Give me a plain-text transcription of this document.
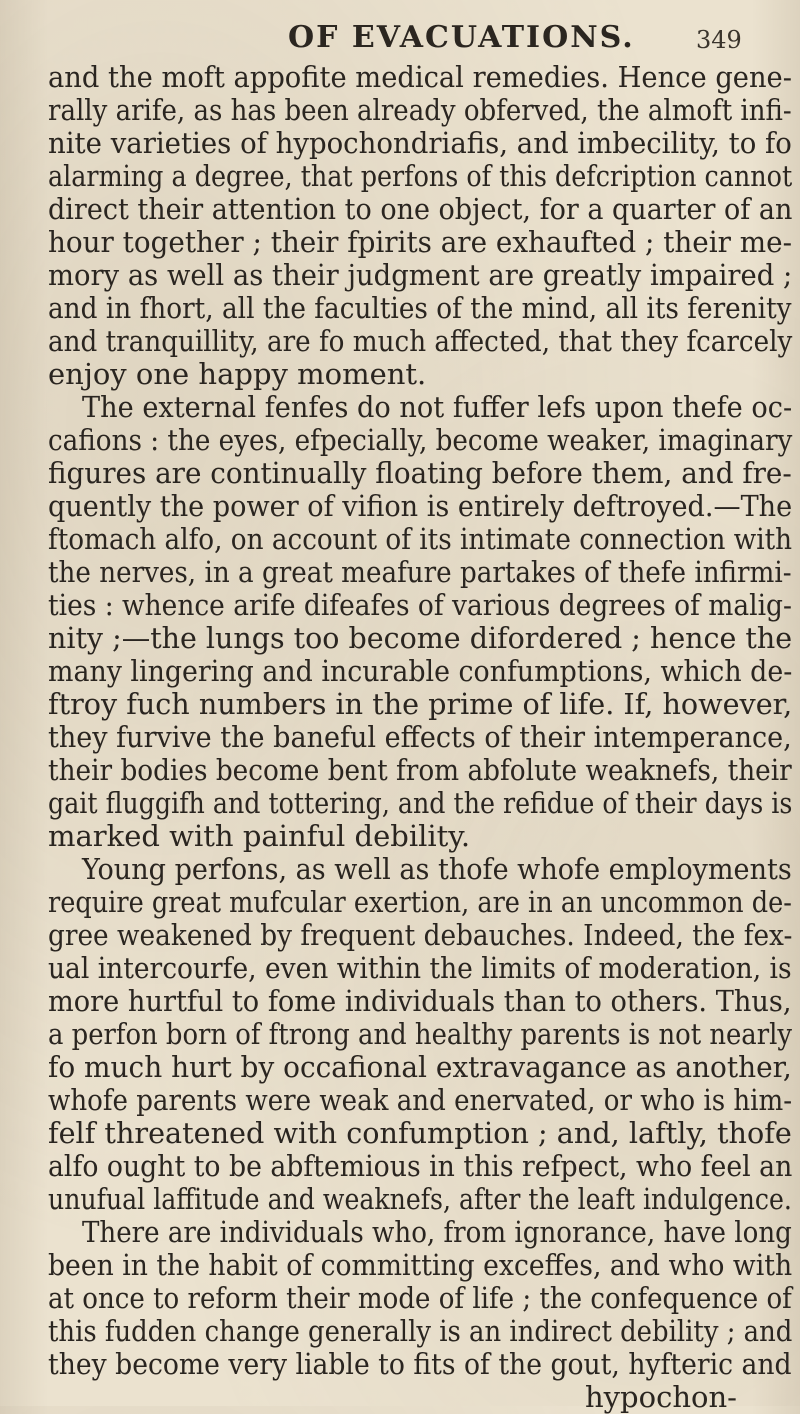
OF EVACUATIONS.	349
and the moft appofite medical remedies. Hence gene-
rally arife, as has been already obferved, the almoft infi-
nite varieties of hypochondriafis, and imbecility, to fo
alarming a degree, that perfons of this defcription cannot
direct their attention to one object, for a quarter of an
hour together ; their fpirits are exhaufted ; their me-
mory as well as their judgment are greatly impaired ;
and in fhort, all the faculties of the mind, all its ferenity
and tranquillity, are fo much affected, that they fcarcely
enjoy one happy moment.
The external fenfes do not fuffer lefs upon thefe oc-
cafions : the eyes, efpecially, become weaker, imaginary
figures are continually floating before them, and fre-
quently the power of vifion is entirely deftroyed.—The
ftomach alfo, on account of its intimate connection with
the nerves, in a great meafure partakes of thefe infirmi-
ties : whence arife difeafes of various degrees of malig-
nity ;—the lungs too become difordered ; hence the
many lingering and incurable confumptions, which de-
ftroy fuch numbers in the prime of life. If, however,
they furvive the baneful effects of their intemperance,
their bodies become bent from abfolute weaknefs, their
gait fluggifh and tottering, and the refidue of their days is
marked with painful debility.
Young perfons, as well as thofe whofe employments
require great mufcular exertion, are in an uncommon de-
gree weakened by frequent debauches. Indeed, the fex-
ual intercourfe, even within the limits of moderation, is
more hurtful to fome individuals than to others. Thus,
a perfon born of ftrong and healthy parents is not nearly
fo much hurt by occafional extravagance as another,
whofe parents were weak and enervated, or who is him-
felf threatened with confumption ; and, laftly, thofe
alfo ought to be abftemious in this refpect, who feel an
unufual laffitude and weaknefs, after the leaft indulgence.
There are individuals who, from ignorance, have long
been in the habit of committing exceffes, and who with
at once to reform their mode of life ; the confequence of
this fudden change generally is an indirect debility ; and
they become very liable to fits of the gout, hyfteric and
hypochon-
